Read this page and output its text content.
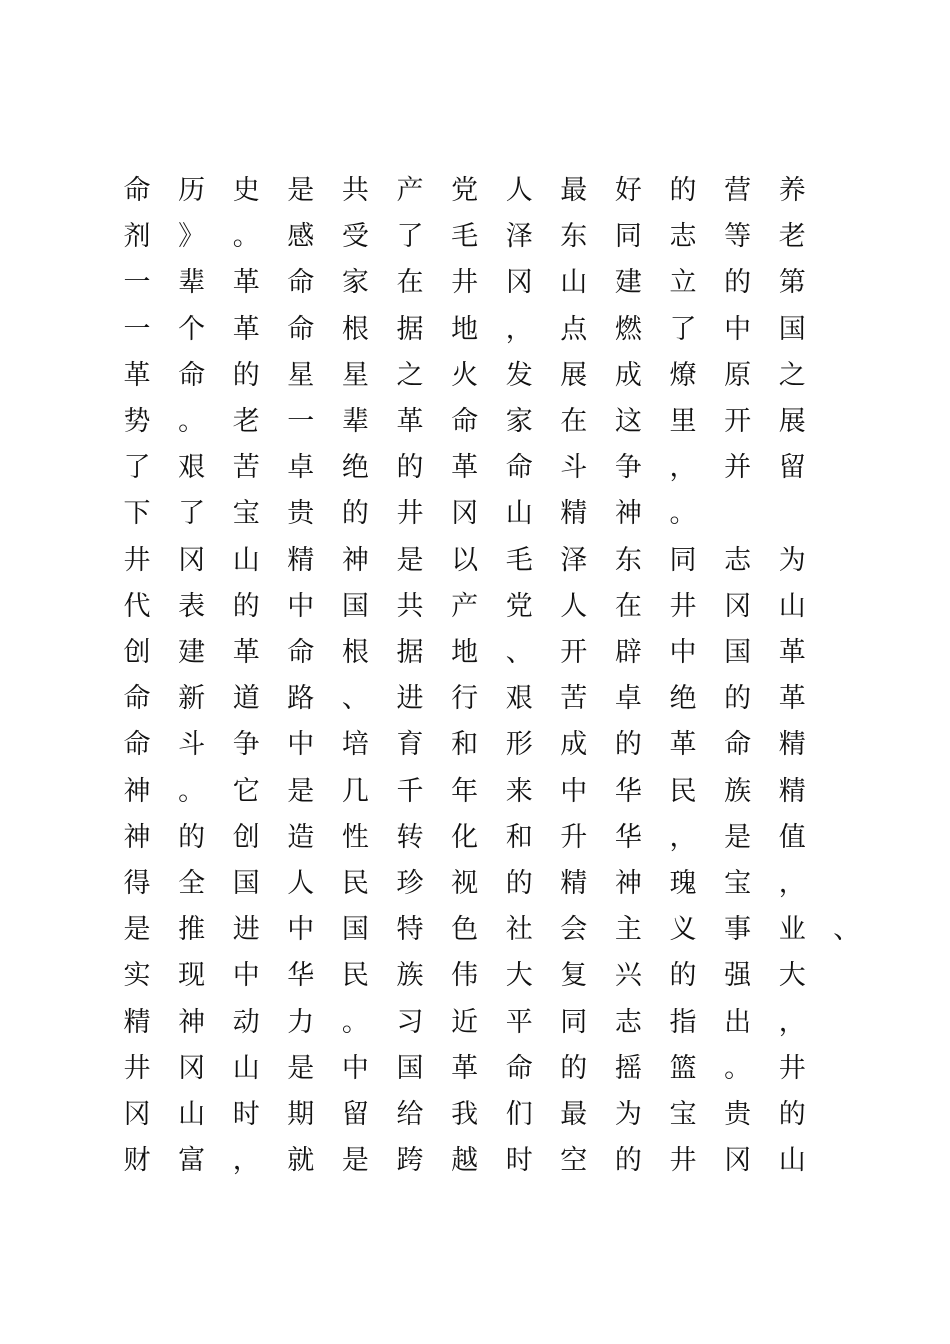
命	历	史	是	共	产	党	人	最	好	的	营	养
剂	》	。	感	受	了	毛	泽	东	同	志	等	老
一	辈	革	命	家	在	井	冈	山	建	立	的	第
一	个	革	命	根	据	地	，	点	燃	了	中	国
革	命	的	星	星	之	火	发	展	成	燎	原	之
势	。	老	一	辈	革	命	家	在	这	里	开	展
了	艰	苦	卓	绝	的	革	命	斗	争	，	并	留
下	了	宝	贵	的	井	冈	山	精	神	。
井	冈	山	精	神	是	以	毛	泽	东	同	志	为
代	表	的	中	国	共	产	党	人	在	井	冈	山
创	建	革	命	根	据	地	、	开	辟	中	国	革
命	新	道	路	、	进	行	艰	苦	卓	绝	的	革
命	斗	争	中	培	育	和	形	成	的	革	命	精
神	。	它	是	几	千	年	来	中	华	民	族	精
神	的	创	造	性	转	化	和	升	华	，	是	值
得	全	国	人	民	珍	视	的	精	神	瑰	宝	，
是	推	进	中	国	特	色	社	会	主	义	事	业	、
实	现	中	华	民	族	伟	大	复	兴	的	强	大
精	神	动	力	。	习	近	平	同	志	指	出	，
井	冈	山	是	中	国	革	命	的	摇	篮	。	井
冈	山	时	期	留	给	我	们	最	为	宝	贵	的
财	富	，	就	是	跨	越	时	空	的	井	冈	山
